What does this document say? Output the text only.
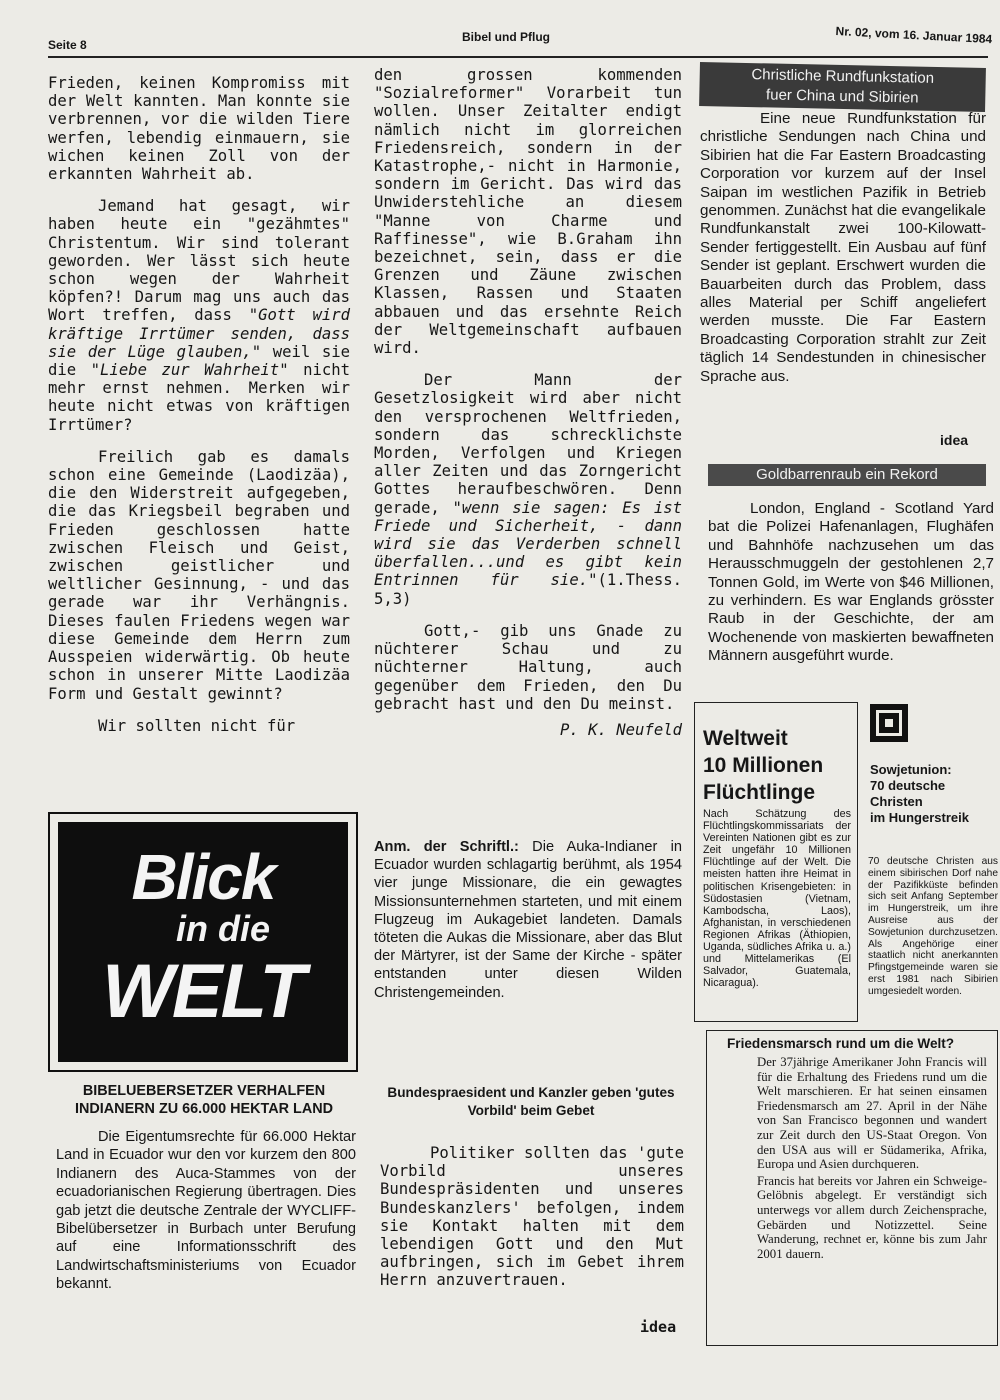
Seite 8
Bibel und Pflug	Nr. 02, vom 16. Januar 1984

Frieden, keinen Kompromiss mit der Welt kannten. Man konnte sie verbrennen, vor die wilden Tiere werfen, lebendig einmauern, sie wichen keinen Zoll von der erkannten Wahrheit ab.

Jemand hat gesagt, wir haben heute ein "gezähmtes" Christentum. Wir sind tolerant geworden. Wer lässt sich heute schon wegen der Wahrheit köpfen?! Darum mag uns auch das Wort treffen, dass "Gott wird kräftige Irrtümer senden, dass sie der Lüge glauben," weil sie die "Liebe zur Wahrheit" nicht mehr ernst nehmen. Merken wir heute nicht etwas von kräftigen Irrtümer?

Freilich gab es damals schon eine Gemeinde (Laodizäa), die den Widerstreit aufgegeben, die das Kriegsbeil begraben und Frieden geschlossen hatte zwischen Fleisch und Geist, zwischen geistlicher und weltlicher Gesinnung, - und das gerade war ihr Verhängnis. Dieses faulen Friedens wegen war diese Gemeinde dem Herrn zum Ausspeien widerwärtig. Ob heute schon in unserer Mitte Laodizäa Form und Gestalt gewinnt?

Wir sollten nicht für

den grossen kommenden "Sozialreformer" Vorarbeit tun wollen. Unser Zeitalter endigt nämlich nicht im glorreichen Friedensreich, sondern in der Katastrophe,- nicht in Harmonie, sondern im Gericht. Das wird das Unwiderstehliche an diesem "Manne von Charme und Raffinesse", wie B.Graham ihn bezeichnet, sein, dass er die Grenzen und Zäune zwischen Klassen, Rassen und Staaten abbauen und das ersehnte Reich der Weltgemeinschaft aufbauen wird.

Der Mann der Gesetzlosigkeit wird aber nicht den versprochenen Weltfrieden, sondern das schrecklichste Morden, Verfolgen und Kriegen aller Zeiten und das Zorngericht Gottes heraufbeschwören. Denn gerade, "wenn sie sagen: Es ist Friede und Sicherheit, - dann wird sie das Verderben schnell überfallen...und es gibt kein Entrinnen für sie."(1.Thess. 5,3)

Gott,- gib uns Gnade zu nüchterer Schau und zu nüchterner Haltung, auch gegenüber dem Frieden, den Du gebracht hast und den Du meinst.

P. K. Neufeld
Anm. der Schriftl.: Die Auka-Indianer in Ecuador wurden schlagartig berühmt, als 1954 vier junge Missionare, die ein gewagtes Missionsunternehmen starteten, und mit einem Flugzeug im Aukagebiet landeten. Damals töteten die Aukas die Missionare, aber das Blut der Märtyrer, ist der Same der Kirche - später entstanden unter diesen Wilden Christengemeinden.
Christliche Rundfunkstation
fuer China und Sibirien
Eine neue Rundfunkstation für christliche Sendungen nach China und Sibirien hat die Far Eastern Broadcasting Corporation vor kurzem auf der Insel Saipan im westlichen Pazifik in Betrieb genommen. Zunächst hat die evangelikale Rundfunkanstalt zwei 100-Kilowatt-Sender fertiggestellt. Ein Ausbau auf fünf Sender ist geplant. Erschwert wurden die Bauarbeiten durch das Problem, dass alles Material per Schiff angeliefert werden musste. Die Far Eastern Broadcasting Corporation strahlt zur Zeit täglich 14 Sendestunden in chinesischer Sprache aus.
idea
Goldbarrenraub ein Rekord
London, England - Scotland Yard bat die Polizei Hafenanlagen, Flughäfen und Bahnhöfe nachzusehen um das Herausschmuggeln der gestohlenen 2,7 Tonnen Gold, im Werte von $46 Millionen, zu verhindern. Es war Englands grösster Raub in der Geschichte, der am Wochenende von maskierten bewaffneten Männern ausgeführt wurde.
Weltweit
10 Millionen
Flüchtlinge
Nach Schätzung des Flüchtlingskommissariats der Vereinten Nationen gibt es zur Zeit ungefähr 10 Millionen Flüchtlinge auf der Welt. Die meisten hatten ihre Heimat in politischen Krisengebieten: in Südostasien (Vietnam, Kambodscha, Laos), Afghanistan, in verschiedenen Regionen Afrikas (Äthiopien, Uganda, südliches Afrika u. a.) und Mittelamerikas (El Salvador, Guatemala, Nicaragua).
Sowjetunion:
70 deutsche Christen
im Hungerstreik
70 deutsche Christen aus einem sibirischen Dorf nahe der Pazifikküste befinden sich seit Anfang September im Hungerstreik, um ihre Ausreise aus der Sowjetunion durchzusetzen. Als Angehörige einer staatlich nicht anerkannten Pfingstgemeinde waren sie erst 1981 nach Sibirien umgesiedelt worden.
Blick
in die
WELT
BIBELUEBERSETZER VERHALFEN
INDIANERN ZU 66.000 HEKTAR LAND
Die Eigentumsrechte für 66.000 Hektar Land in Ecuador wur den vor kurzem den 800 Indianern des Auca-Stammes von der ecuadorianischen Regierung übertragen. Dies gab jetzt die deutsche Zentrale der WYCLIFF-Bibelübersetzer in Burbach unter Berufung auf eine Informationsschrift des Landwirtschaftsministeriums von Ecuador bekannt.
Bundespraesident und Kanzler geben 'gutes
Vorbild' beim Gebet
Politiker sollten das 'gute Vorbild unseres Bundespräsidenten und unseres Bundeskanzlers' befolgen, indem sie Kontakt halten mit dem lebendigen Gott und den Mut aufbringen, sich im Gebet ihrem Herrn anzuvertrauen.
idea
Friedensmarsch rund um die Welt?
Der 37jährige Amerikaner John Francis will für die Erhaltung des Friedens rund um die Welt marschieren. Er hat seinen einsamen Friedensmarsch am 27. April in der Nähe von San Francisco begonnen und wandert zur Zeit durch den US-Staat Oregon. Von den USA aus will er Südamerika, Afrika, Europa und Asien durchqueren.
Francis hat bereits vor Jahren ein Schweige-Gelöbnis abgelegt. Er verständigt sich unterwegs vor allem durch Zeichensprache, Gebärden und Notizzettel. Seine Wanderung, rechnet er, könne bis zum Jahr 2001 dauern.
